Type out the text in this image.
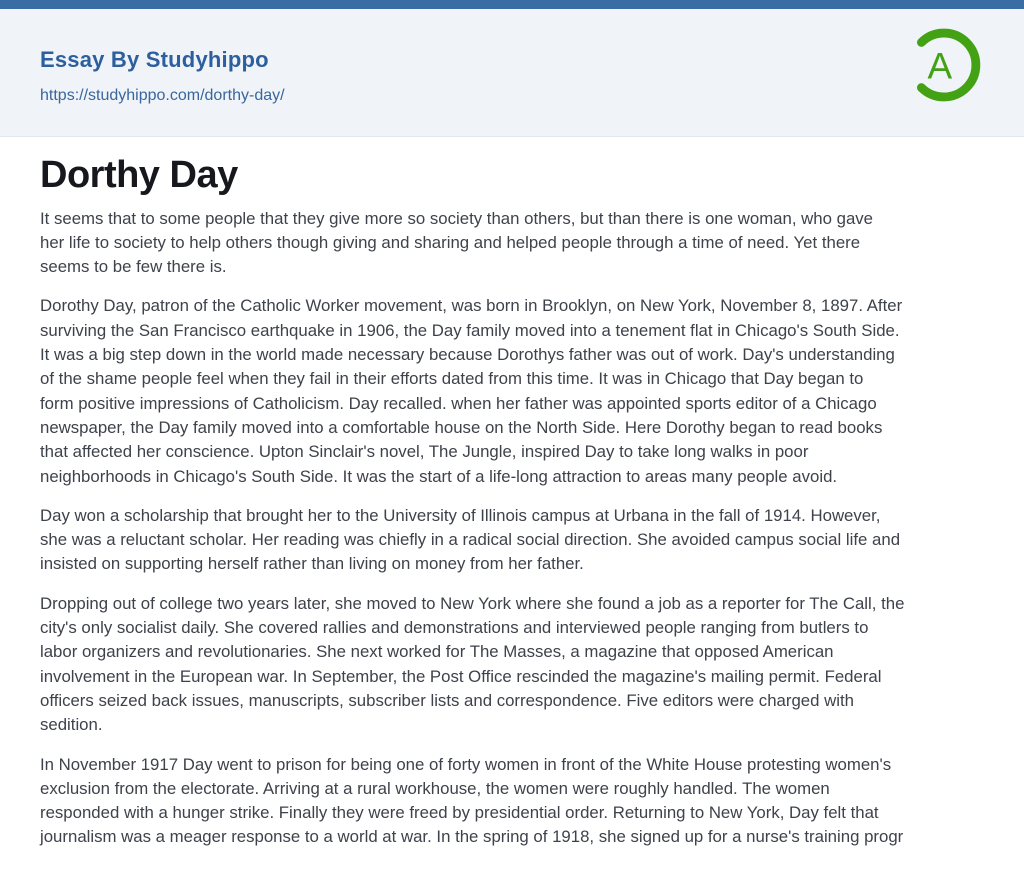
Essay By Studyhippo
https://studyhippo.com/dorthy-day/
A
Dorthy Day

It seems that to some people that they give more so society than others, but than there is one woman, who gave
her life to society to help others though giving and sharing and helped people through a time of need. Yet there
seems to be few there is.

Dorothy Day, patron of the Catholic Worker movement, was born in Brooklyn, on New York, November 8, 1897. After
surviving the San Francisco earthquake in 1906, the Day family moved into a tenement flat in Chicago's South Side.
It was a big step down in the world made necessary because Dorothys father was out of work. Day's understanding
of the shame people feel when they fail in their efforts dated from this time. It was in Chicago that Day began to
form positive impressions of Catholicism. Day recalled. when her father was appointed sports editor of a Chicago
newspaper, the Day family moved into a comfortable house on the North Side. Here Dorothy began to read books
that affected her conscience. Upton Sinclair's novel, The Jungle, inspired Day to take long walks in poor
neighborhoods in Chicago's South Side. It was the start of a life-long attraction to areas many people avoid.

Day won a scholarship that brought her to the University of Illinois campus at Urbana in the fall of 1914. However,
she was a reluctant scholar. Her reading was chiefly in a radical social direction. She avoided campus social life and
insisted on supporting herself rather than living on money from her father.

Dropping out of college two years later, she moved to New York where she found a job as a reporter for The Call, the
city's only socialist daily. She covered rallies and demonstrations and interviewed people ranging from butlers to
labor organizers and revolutionaries. She next worked for The Masses, a magazine that opposed American
involvement in the European war. In September, the Post Office rescinded the magazine's mailing permit. Federal
officers seized back issues, manuscripts, subscriber lists and correspondence. Five editors were charged with
sedition.

In November 1917 Day went to prison for being one of forty women in front of the White House protesting women's
exclusion from the electorate. Arriving at a rural workhouse, the women were roughly handled. The women
responded with a hunger strike. Finally they were freed by presidential order. Returning to New York, Day felt that
journalism was a meager response to a world at war. In the spring of 1918, she signed up for a nurse's training progr
